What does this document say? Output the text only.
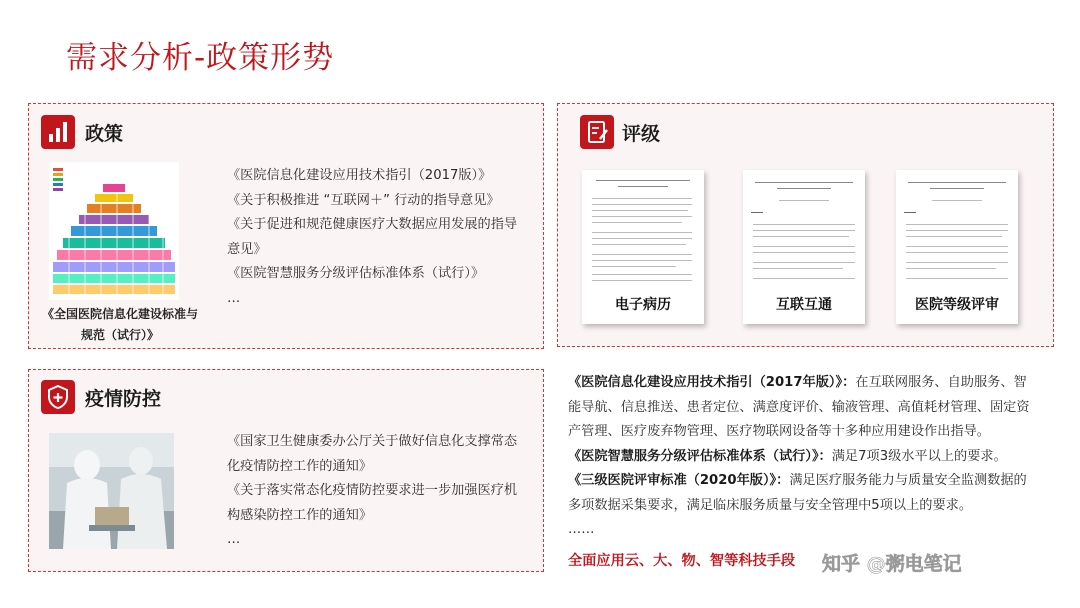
需求分析-政策形势
政策
《全国医院信息化建设标准与
规范（试行）》
《医院信息化建设应用技术指引（2017版）》
《关于积极推进 “互联网＋” 行动的指导意见》
《关于促进和规范健康医疗大数据应用发展的指导
意见》
《医院智慧服务分级评估标准体系（试行）》
…
评级
电子病历	互联互通	医院等级评审
疫情防控
《国家卫生健康委办公厅关于做好信息化支撑常态
化疫情防控工作的通知》
《关于落实常态化疫情防控要求进一步加强医疗机
构感染防控工作的通知》
…
《医院信息化建设应用技术指引（2017年版）》：在互联网服务、自助服务、智
能导航、信息推送、患者定位、满意度评价、输液管理、高值耗材管理、固定资
产管理、医疗废弃物管理、医疗物联网设备等十多种应用建设作出指导。
《医院智慧服务分级评估标准体系（试行）》：满足7项3级水平以上的要求。
《三级医院评审标准（2020年版）》：满足医疗服务能力与质量安全监测数据的
多项数据采集要求，满足临床服务质量与安全管理中5项以上的要求。
……
全面应用云、大、物、智等科技手段 知乎 @粥电笔记
